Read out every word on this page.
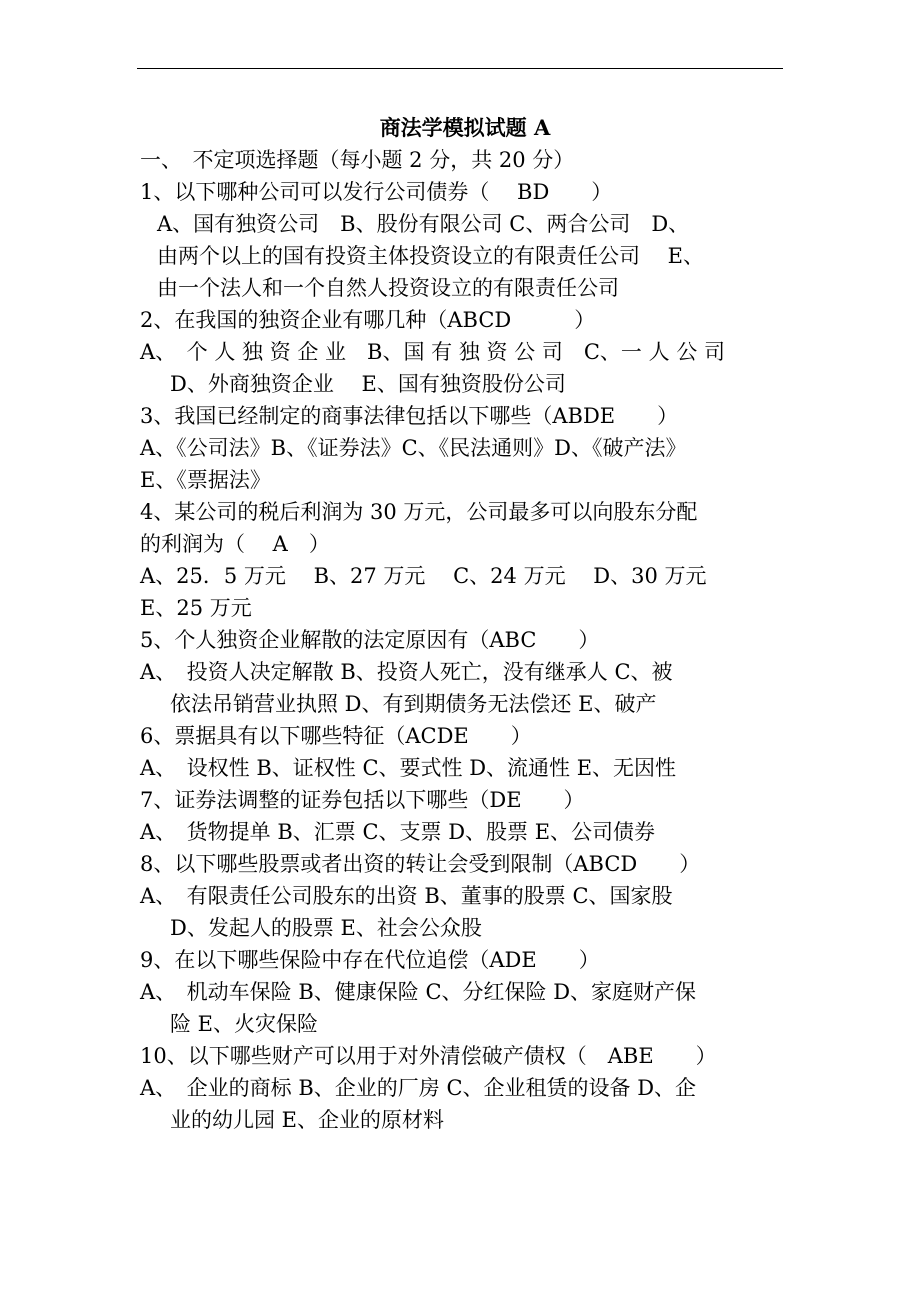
商法学模拟试题 A
一、　不定项选择题（每小题 2 分，共 20 分）
1、以下哪种公司可以发行公司债券（　 BD　　）
A、国有独资公司　B、股份有限公司 C、两合公司　D、
由两个以上的国有投资主体投资设立的有限责任公司　 E、
由一个法人和一个自然人投资设立的有限责任公司
2、在我国的独资企业有哪几种（ABCD　　　）
A、　个 人 独 资 企 业　B、国 有 独 资 公 司　C、一 人 公 司
D、外商独资企业　 E、国有独资股份公司
3、我国已经制定的商事法律包括以下哪些（ABDE　　）
A、《公司法》B、《证券法》C、《民法通则》D、《破产法》
E、《票据法》
4、某公司的税后利润为 30 万元，公司最多可以向股东分配
的利润为（　 A　）
A、25．5 万元　 B、27 万元　 C、24 万元　 D、30 万元
E、25 万元
5、个人独资企业解散的法定原因有（ABC　　）
A、　投资人决定解散 B、投资人死亡，没有继承人 C、被
依法吊销营业执照 D、有到期债务无法偿还 E、破产
6、票据具有以下哪些特征（ACDE　　）
A、　设权性 B、证权性 C、要式性 D、流通性 E、无因性
7、证券法调整的证券包括以下哪些（DE　　）
A、　货物提单 B、汇票 C、支票 D、股票 E、公司债券
8、以下哪些股票或者出资的转让会受到限制（ABCD　　）
A、　有限责任公司股东的出资 B、董事的股票 C、国家股
D、发起人的股票 E、社会公众股
9、在以下哪些保险中存在代位追偿（ADE　　）
A、　机动车保险 B、健康保险 C、分红保险 D、家庭财产保
险 E、火灾保险
10、以下哪些财产可以用于对外清偿破产债权（　ABE　　）
A、　企业的商标 B、企业的厂房 C、企业租赁的设备 D、企
业的幼儿园 E、企业的原材料
